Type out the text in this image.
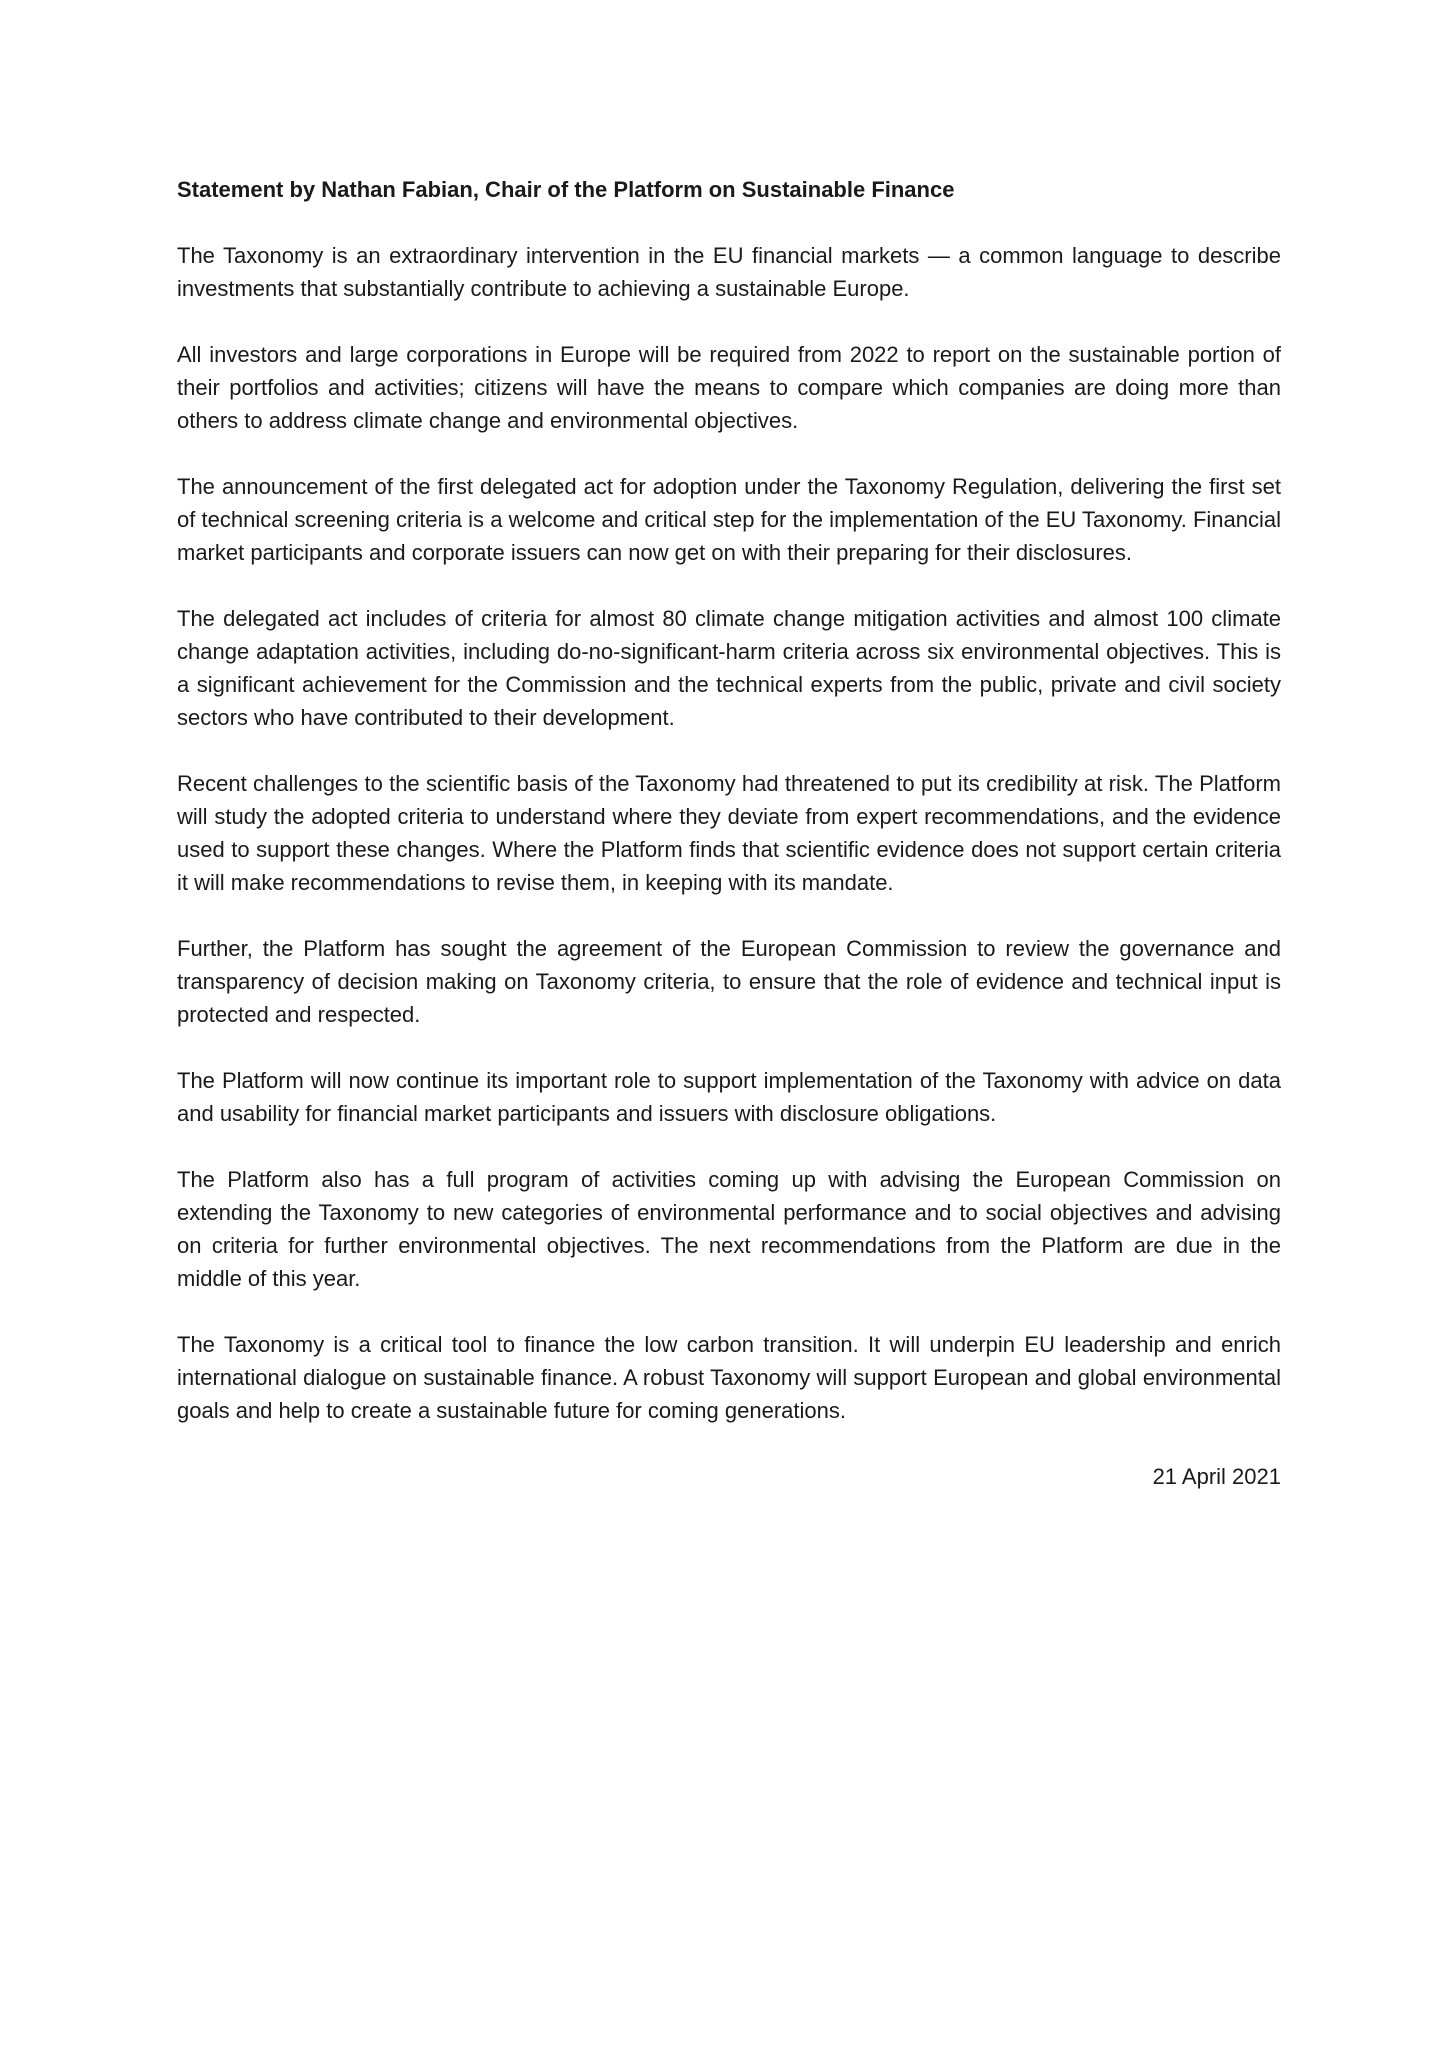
Statement by Nathan Fabian, Chair of the Platform on Sustainable Finance

The Taxonomy is an extraordinary intervention in the EU financial markets — a common language to describe investments that substantially contribute to achieving a sustainable Europe.

All investors and large corporations in Europe will be required from 2022 to report on the sustainable portion of their portfolios and activities; citizens will have the means to compare which companies are doing more than others to address climate change and environmental objectives.

The announcement of the first delegated act for adoption under the Taxonomy Regulation, delivering the first set of technical screening criteria is a welcome and critical step for the implementation of the EU Taxonomy. Financial market participants and corporate issuers can now get on with their preparing for their disclosures.

The delegated act includes of criteria for almost 80 climate change mitigation activities and almost 100 climate change adaptation activities, including do-no-significant-harm criteria across six environmental objectives. This is a significant achievement for the Commission and the technical experts from the public, private and civil society sectors who have contributed to their development.

Recent challenges to the scientific basis of the Taxonomy had threatened to put its credibility at risk. The Platform will study the adopted criteria to understand where they deviate from expert recommendations, and the evidence used to support these changes. Where the Platform finds that scientific evidence does not support certain criteria it will make recommendations to revise them, in keeping with its mandate.

Further, the Platform has sought the agreement of the European Commission to review the governance and transparency of decision making on Taxonomy criteria, to ensure that the role of evidence and technical input is protected and respected.

The Platform will now continue its important role to support implementation of the Taxonomy with advice on data and usability for financial market participants and issuers with disclosure obligations.

The Platform also has a full program of activities coming up with advising the European Commission on extending the Taxonomy to new categories of environmental performance and to social objectives and advising on criteria for further environmental objectives. The next recommendations from the Platform are due in the middle of this year.

The Taxonomy is a critical tool to finance the low carbon transition. It will underpin EU leadership and enrich international dialogue on sustainable finance. A robust Taxonomy will support European and global environmental goals and help to create a sustainable future for coming generations.

21 April 2021
